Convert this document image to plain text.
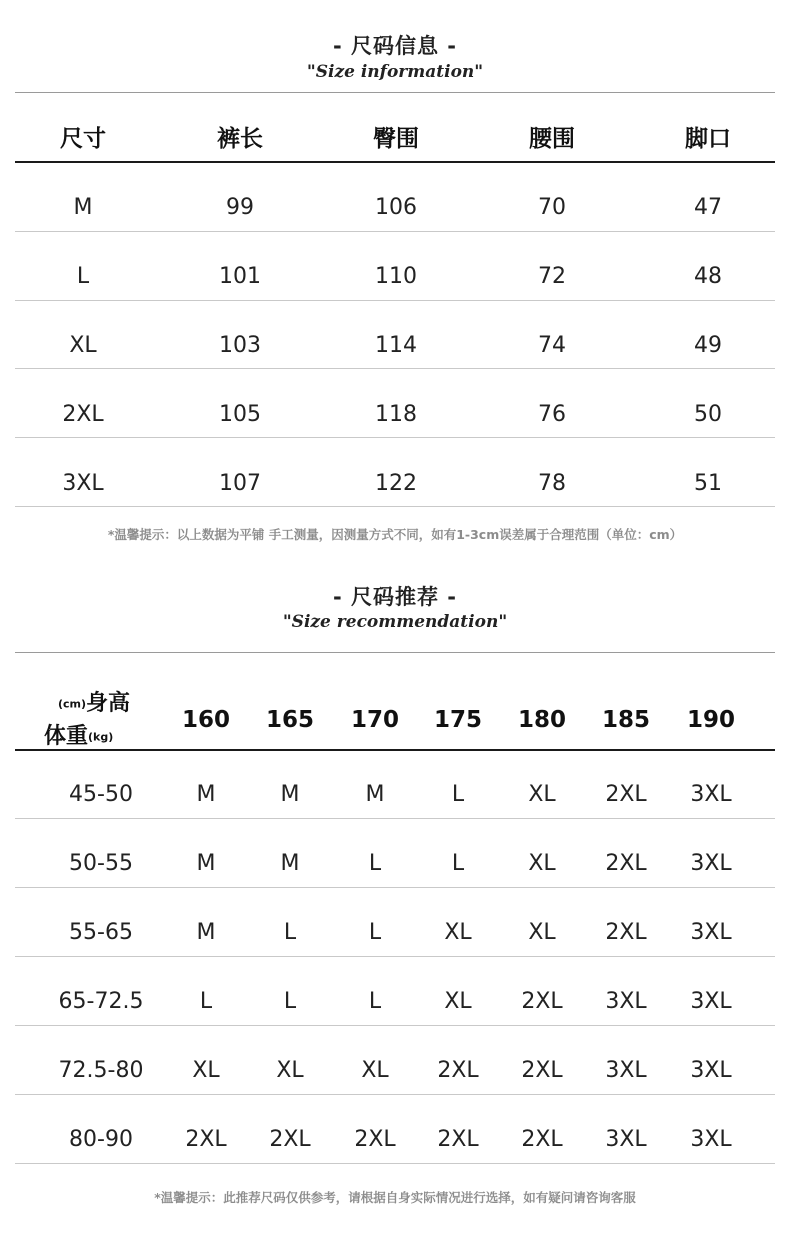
- 尺码信息 -
"Size information"
尺寸	裤长	臀围	腰围	脚口
M	99	106	70	47
L	101	110	72	48
XL	103	114	74	49
2XL	105	118	76	50
3XL	107	122	78	51
*温馨提示：以上数据为平铺 手工测量，因测量方式不同，如有1-3cm误差属于合理范围（单位：cm）
- 尺码推荐 -
"Size recommendation"
(cm)身高
体重(kg)
160 165 170 175 180 185 190
45-50	M	M	M	L	XL 2XL 3XL
50-55	M	M	L	L	XL 2XL 3XL
55-65	M	L	L	XL	XL 2XL 3XL
65-72.5	L	L	L	XL 2XL 3XL 3XL
72.5-80 XL	XL	XL 2XL 2XL 3XL 3XL
80-90 2XL 2XL 2XL 2XL 2XL 3XL 3XL
*温馨提示：此推荐尺码仅供参考，请根据自身实际情况进行选择，如有疑问请咨询客服
